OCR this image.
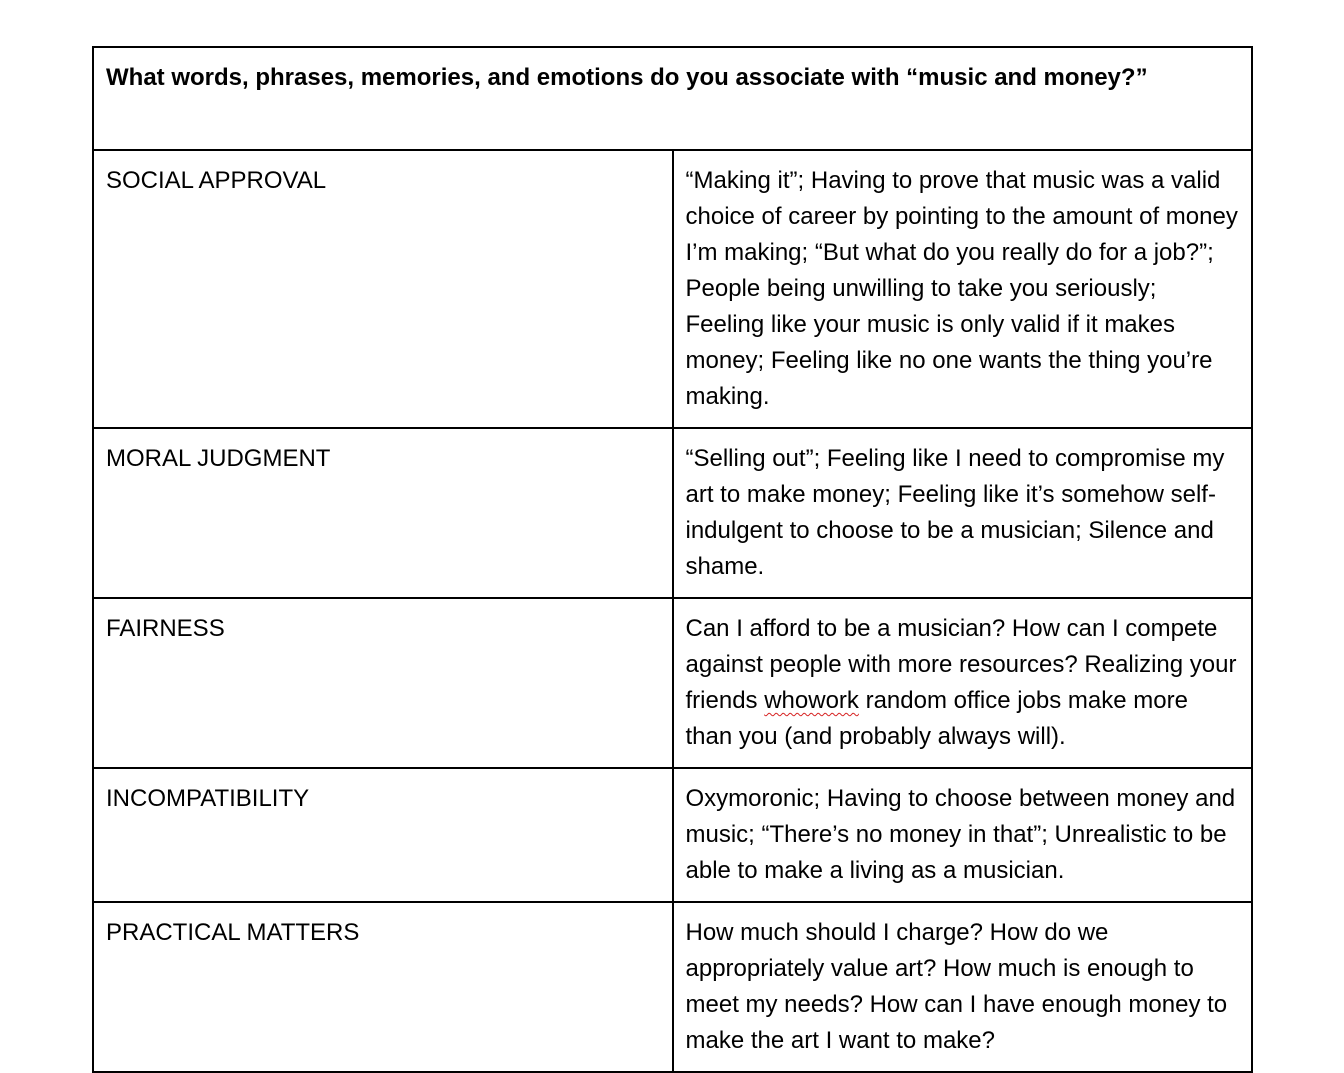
What words, phrases, memories, and emotions do you associate with “music and money?”	
SOCIAL APPROVAL	“Making it”; Having to prove that music was a valid choice of career by pointing to the amount of money I’m making; “But what do you really do for a job?”; People being unwilling to take you seriously; Feeling like your music is only valid if it makes money; Feeling like no one wants the thing you’re making.
MORAL JUDGMENT	“Selling out”; Feeling like I need to compromise my art to make money; Feeling like it’s somehow self-indulgent to choose to be a musician; Silence and shame.
FAIRNESS	Can I afford to be a musician? How can I compete against people with more resources? Realizing your friends whowork random office jobs make more than you (and probably always will).
INCOMPATIBILITY	Oxymoronic; Having to choose between money and music; “There’s no money in that”; Unrealistic to be able to make a living as a musician.
PRACTICAL MATTERS	How much should I charge? How do we appropriately value art? How much is enough to meet my needs? How can I have enough money to make the art I want to make?
